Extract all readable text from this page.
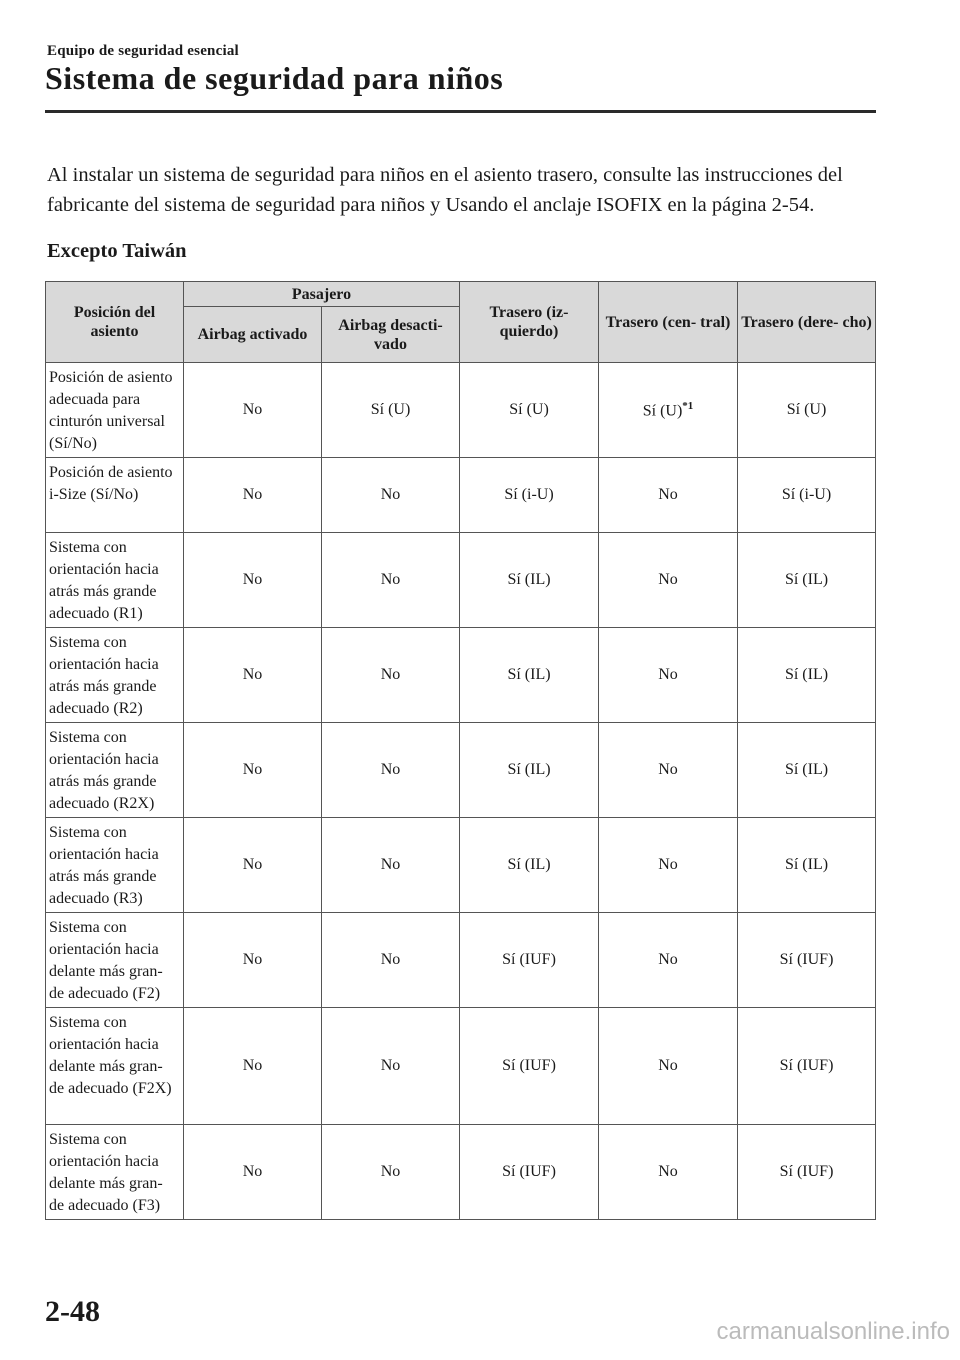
Equipo de seguridad esencial
Sistema de seguridad para niños

Al instalar un sistema de seguridad para niños en el asiento trasero, consulte las instrucciones del fabricante del sistema de seguridad para niños y Usando el anclaje ISOFIX en la página 2-54.

Excepto Taiwán
Posición del asiento	Pasajero		Trasero (iz- quierdo)	Trasero (cen- tral)	Trasero (dere- cho)
	Airbag activado	Airbag desacti- vado			
Posición de asiento adecuada para cinturón universal (Sí/No)	No	Sí (U)	Sí (U)	Sí $(U)^{*1}$	Sí (U)
Posición de asiento i-Size (Sí/No)	No	No	Sí (i-U)	No	Sí (i-U)
Sistema con orientación hacia atrás más grande adecuado (R1)	No	No	Sí (IL)	No	Sí (IL)
Sistema con orientación hacia atrás más grande adecuado (R2)	No	No	Sí (IL)	No	Sí (IL)
Sistema con orientación hacia atrás más grande adecuado (R2X)	No	No	Sí (IL)	No	Sí (IL)
Sistema con orientación hacia atrás más grande adecuado (R3)	No	No	Sí (IL)	No	Sí (IL)
Sistema con orientación hacia delante más gran- de adecuado (F2)	No	No	Sí (IUF)	No	Sí (IUF)
Sistema con orientación hacia delante más gran- de adecuado (F2X)	No	No	Sí (IUF)	No	Sí (IUF)
Sistema con orientación hacia delante más gran- de adecuado (F3)	No	No	Sí (IUF)	No	Sí (IUF)
2-48
carmanualsonline.info
